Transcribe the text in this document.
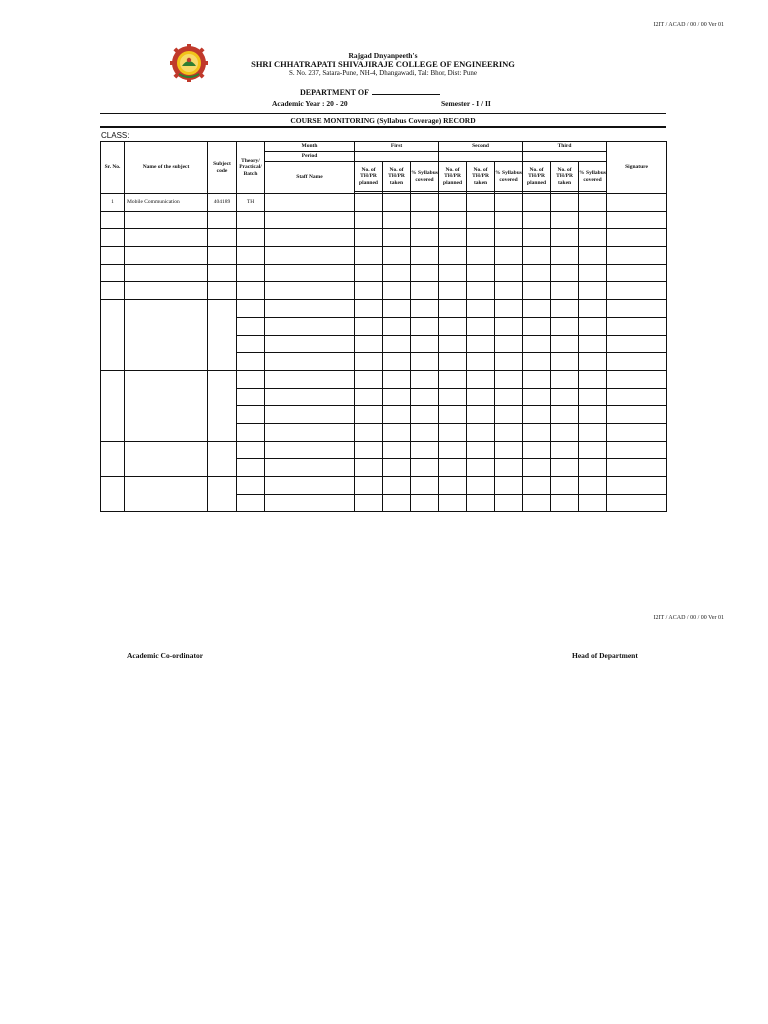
I2IT / ACAD / 00 / 00 Ver 01
Rajgad Dnyanpeeth's
SHRI CHHATRAPATI SHIVAJIRAJE COLLEGE OF ENGINEERING
S. No. 237, Satara-Pune, NH-4, Dhangawadi, Tal: Bhor, Dist: Pune
DEPARTMENT OF
Academic Year : 20 - 20	Semester - I / II
COURSE MONITORING (Syllabus Coverage) RECORD
CLASS:
Sr. No.	Name of the subject	Subject code	Theory/ Practical/ Batch	Month	First			Second			Third			Signature
				Period										
				Staff Name	No. of TH/PR planned	No. of TH/PR taken	% Syllabus covered	No. of TH/PR planned	No. of TH/PR taken	% Syllabus covered	No. of TH/PR planned	No. of TH/PR taken	% Syllabus covered	

1	Mobile Communication	404189	TH											

I2IT / ACAD / 00 / 00 Ver 01
Academic Co-ordinator	Head of Department
